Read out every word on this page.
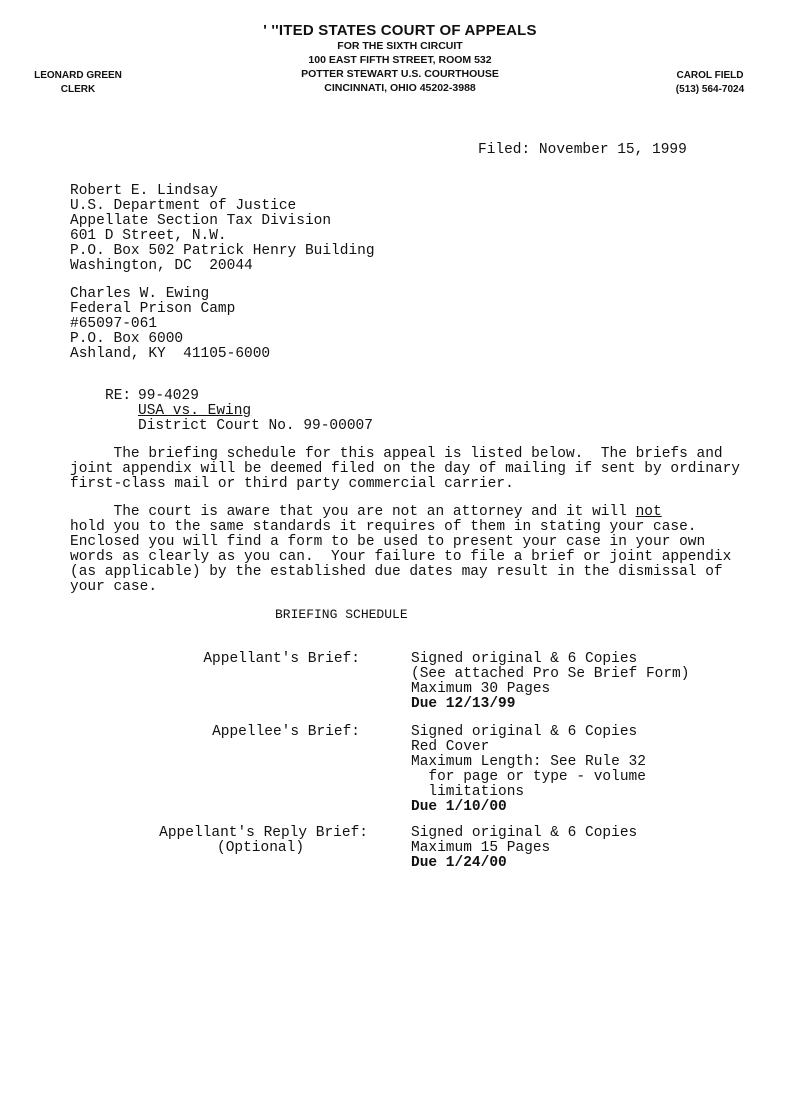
' ''ITED STATES COURT OF APPEALS
FOR THE SIXTH CIRCUIT
100 EAST FIFTH STREET, ROOM 532
POTTER STEWART U.S. COURTHOUSE
CINCINNATI, OHIO 45202-3988
LEONARD GREEN
CLERK
CAROL FIELD
(513) 564-7024
Filed: November 15, 1999
Robert E. Lindsay
U.S. Department of Justice
Appellate Section Tax Division
601 D Street, N.W.
P.O. Box 502 Patrick Henry Building
Washington, DC  20044
Charles W. Ewing
Federal Prison Camp
#65097-061
P.O. Box 6000
Ashland, KY  41105-6000
RE: 99-4029
USA vs. Ewing
District Court No. 99-00007
The briefing schedule for this appeal is listed below.  The briefs and
joint appendix will be deemed filed on the day of mailing if sent by ordinary
first-class mail or third party commercial carrier.
The court is aware that you are not an attorney and it will not
hold you to the same standards it requires of them in stating your case.
Enclosed you will find a form to be used to present your case in your own
words as clearly as you can.  Your failure to file a brief or joint appendix
(as applicable) by the established due dates may result in the dismissal of
your case.
BRIEFING SCHEDULE
Appellant's Brief:	Signed original & 6 Copies
(See attached Pro Se Brief Form)
Maximum 30 Pages
Due 12/13/99
Appellee's Brief:	Signed original & 6 Copies
Red Cover
Maximum Length: See Rule 32
for page or type - volume
limitations
Due 1/10/00
Appellant's Reply Brief:
(Optional)
Signed original & 6 Copies
Maximum 15 Pages
Due 1/24/00
